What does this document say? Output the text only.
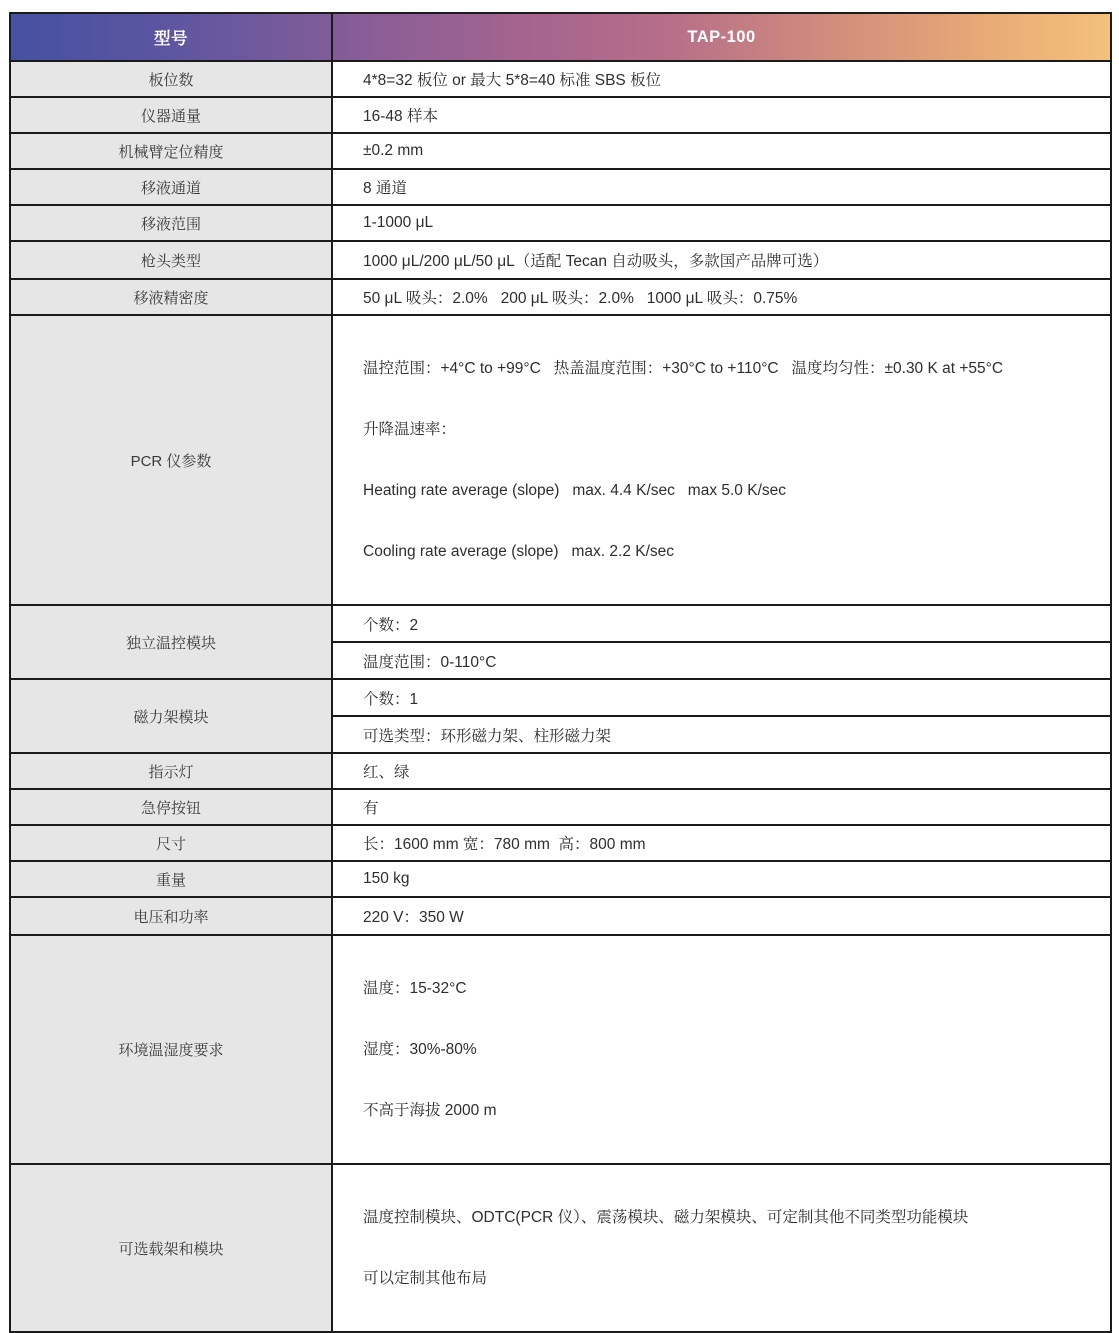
型号	TAP-100
板位数	4*8=32 板位 or 最大 5*8=40 标准 SBS 板位
仪器通量	16-48 样本
机械臂定位精度	±0.2 mm
移液通道	8 通道
移液范围	1-1000 μL
枪头类型	1000 μL/200 μL/50 μL（适配 Tecan 自动吸头，多款国产品牌可选）
移液精密度	50 μL 吸头：2.0%   200 μL 吸头：2.0%   1000 μL 吸头：0.75%
PCR 仪参数	温控范围：+4°C to +99°C   热盖温度范围：+30°C to +110°C   温度均匀性：±0.30 K at +55°C

升降温速率：

Heating rate average (slope)   max. 4.4 K/sec   max 5.0 K/sec

Cooling rate average (slope)   max. 2.2 K/sec

独立温控模块	个数：2
	温度范围：0-110°C
磁力架模块	个数：1
	可选类型：环形磁力架、柱形磁力架
指示灯	红、绿
急停按钮	有
尺寸	长：1600 mm 宽：780 mm  高：800 mm
重量	150 kg
电压和功率	220 V：350 W
环境温湿度要求	温度：15-32°C

湿度：30%-80%

不高于海拔 2000 m

可选载架和模块	温度控制模块、ODTC(PCR 仪）、震荡模块、磁力架模块、可定制其他不同类型功能模块

可以定制其他布局
